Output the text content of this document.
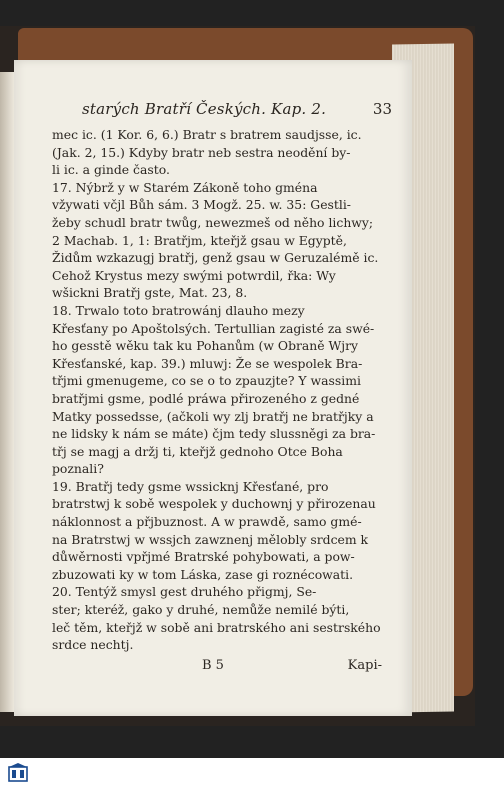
starých Bratří Českých. Kap. 2.	33
mec ic. (1 Kor. 6, 6.) Bratr s bratrem saudjsse, ic.
(Jak. 2, 15.) Kdyby bratr neb sestra neodění by-
li ic. a ginde často.
17. Nýbrž y w Starém Zákoně toho gména
vžywati včjl Bůh sám. 3 Mogž. 25. w. 35: Gestli-
žeby schudl bratr twůg, newezmeš od něho lichwy;
2 Machab. 1, 1: Bratřjm, kteřjž gsau w Egyptě,
Židům wzkazugj bratřj, genž gsau w Geruzalémě ic.
Cehož Krystus mezy swými potwrdil, řka: Wy
wšickni Bratřj gste, Mat. 23, 8.
18. Trwalo toto bratrowánj dlauho mezy
Křesťany po Apoštolsých. Tertullian zagisté za swé-
ho gesstě wěku tak ku Pohanům (w Obraně Wjry
Křesťanské, kap. 39.) mluwj: Že se wespolek Bra-
třjmi gmenugeme, co se o to zpauzjte? Y wassimi
bratřjmi gsme, podlé práwa přirozeného z gedné
Matky possedsse, (ačkoli wy zlj bratřj ne bratřjky a
ne lidsky k nám se máte) čjm tedy slussněgi za bra-
třj se magj a držj ti, kteřjž gednoho Otce Boha
poznali?
19. Bratřj tedy gsme wssicknj Křesťané, pro
bratrstwj k sobě wespolek y duchownj y přirozenau
náklonnost a přjbuznost. A w prawdě, samo gmé-
na Bratrstwj w wssjch zawznenj mělobly srdcem k
důwěrnosti vpřjmé Bratrské pohybowati, a pow-
zbuzowati ky w tom Láska, zase gi roznécowati.
20. Tentýž smysl gest druhého přigmj, Se-
ster; kteréž, gako y druhé, nemůže nemilé býti,
leč těm, kteřjž w sobě ani bratrského ani sestrského
srdce nechtj.
B 5	Kapi-
